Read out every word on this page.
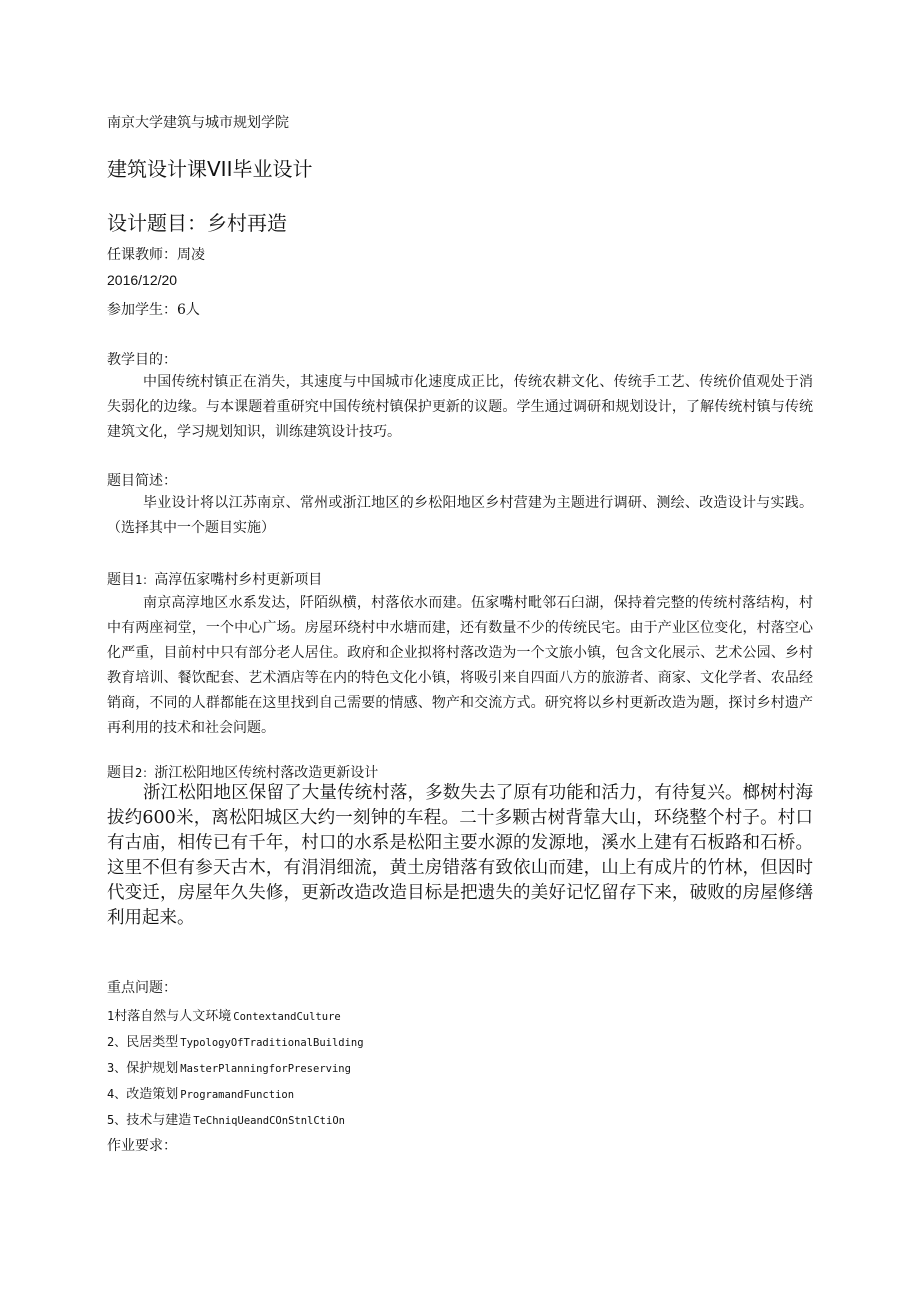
南京大学建筑与城市规划学院
建筑设计课VII毕业设计
设计题目：乡村再造
任课教师：周凌
2016/12/20
参加学生：6人
教学目的：

中国传统村镇正在消失，其速度与中国城市化速度成正比，传统农耕文化、传统手工艺、传统价值观处于消失弱化的边缘。与本课题着重研究中国传统村镇保护更新的议题。学生通过调研和规划设计，了解传统村镇与传统建筑文化，学习规划知识，训练建筑设计技巧。

题目简述：

毕业设计将以江苏南京、常州或浙江地区的乡松阳地区乡村营建为主题进行调研、测绘、改造设计与实践。（选择其中一个题目实施）

题目1：高淳伍家嘴村乡村更新项目

南京高淳地区水系发达，阡陌纵横，村落依水而建。伍家嘴村毗邻石臼湖，保持着完整的传统村落结构，村中有两座祠堂，一个中心广场。房屋环绕村中水塘而建，还有数量不少的传统民宅。由于产业区位变化，村落空心化严重，目前村中只有部分老人居住。政府和企业拟将村落改造为一个文旅小镇，包含文化展示、艺术公园、乡村教育培训、餐饮配套、艺术酒店等在内的特色文化小镇，将吸引来自四面八方的旅游者、商家、文化学者、农品经销商，不同的人群都能在这里找到自己需要的情感、物产和交流方式。研究将以乡村更新改造为题，探讨乡村遗产再利用的技术和社会问题。

题目2：浙江松阳地区传统村落改造更新设计

浙江松阳地区保留了大量传统村落，多数失去了原有功能和活力，有待复兴。榔树村海拔约600米，离松阳城区大约一刻钟的车程。二十多颗古树背靠大山，环绕整个村子。村口有古庙，相传已有千年，村口的水系是松阳主要水源的发源地，溪水上建有石板路和石桥。这里不但有参天古木，有涓涓细流，黄土房错落有致依山而建，山上有成片的竹林，但因时代变迁，房屋年久失修，更新改造改造目标是把遗失的美好记忆留存下来，破败的房屋修缮利用起来。

重点问题：
1村落自然与人文环境 ContextandCulture
2、民居类型 TypologyOfTraditionalBuilding
3、保护规划 MasterPlanningforPreserving
4、改造策划 ProgramandFunction
5、技术与建造 TeChniqUeandCOnStnlCtiOn
作业要求：
